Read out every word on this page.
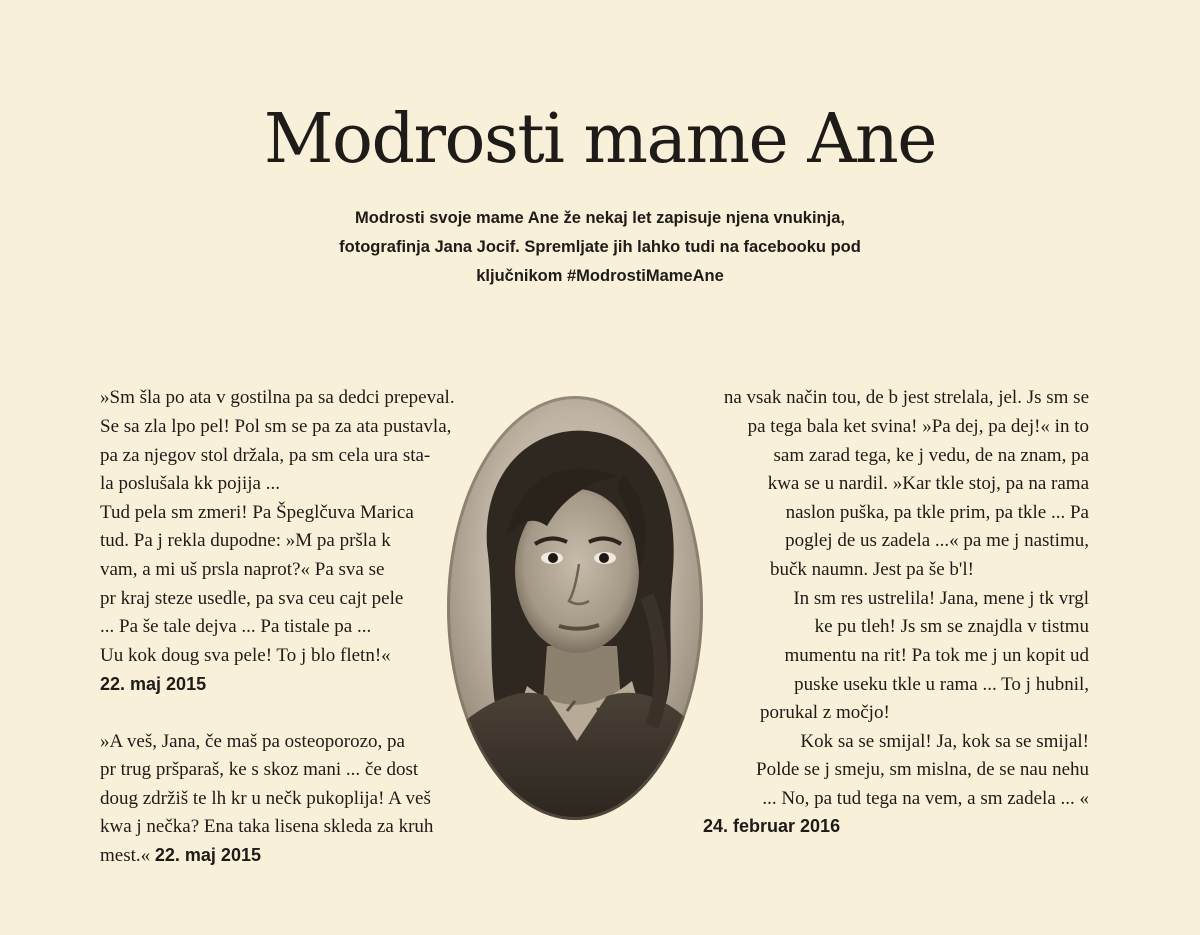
Modrosti mame Ane

Modrosti svoje mame Ane že nekaj let zapisuje njena vnukinja,
fotografinja Jana Jocif. Spremljate jih lahko tudi na facebooku pod
ključnikom #ModrostiMameAne

»Sm šla po ata v gostilna pa sa dedci prepeval.
Se sa zla lpo pel! Pol sm se pa za ata pustavla,
pa za njegov stol držala, pa sm cela ura sta-
la poslušala kk pojija ...
Tud pela sm zmeri! Pa Špeglčuva Marica
tud. Pa j rekla dupodne: »M pa pršla k
vam, a mi uš prsla naprot?« Pa sva se
pr kraj steze usedle, pa sva ceu cajt pele
... Pa še tale dejva ... Pa tistale pa ...
Uu kok doug sva pele! To j blo fletn!«
22. maj 2015
»A veš, Jana, če maš pa osteoporozo, pa
pr trug pršparaš, ke s skoz mani ... če dost
doug zdržiš te lh kr u nečk pukoplija! A veš
kwa j nečka? Ena taka lisena skleda za kruh
mest.« 22. maj 2015
na vsak način tou, de b jest strelala, jel. Js sm se
pa tega bala ket svina! »Pa dej, pa dej!« in to
sam zarad tega, ke j vedu, de na znam, pa
kwa se u nardil. »Kar tkle stoj, pa na rama
naslon puška, pa tkle prim, pa tkle ... Pa
poglej de us zadela ...« pa me j nastimu,
bučk naumn. Jest pa še b'l!
In sm res ustrelila! Jana, mene j tk vrgl
ke pu tleh! Js sm se znajdla v tistmu
mumentu na rit! Pa tok me j un kopit ud
puske useku tkle u rama ... To j hubnil,
porukal z močjo!
Kok sa se smijal! Ja, kok sa se smijal!
Polde se j smeju, sm mislna, de se nau nehu
... No, pa tud tega na vem, a sm zadela ... «
24. februar 2016
